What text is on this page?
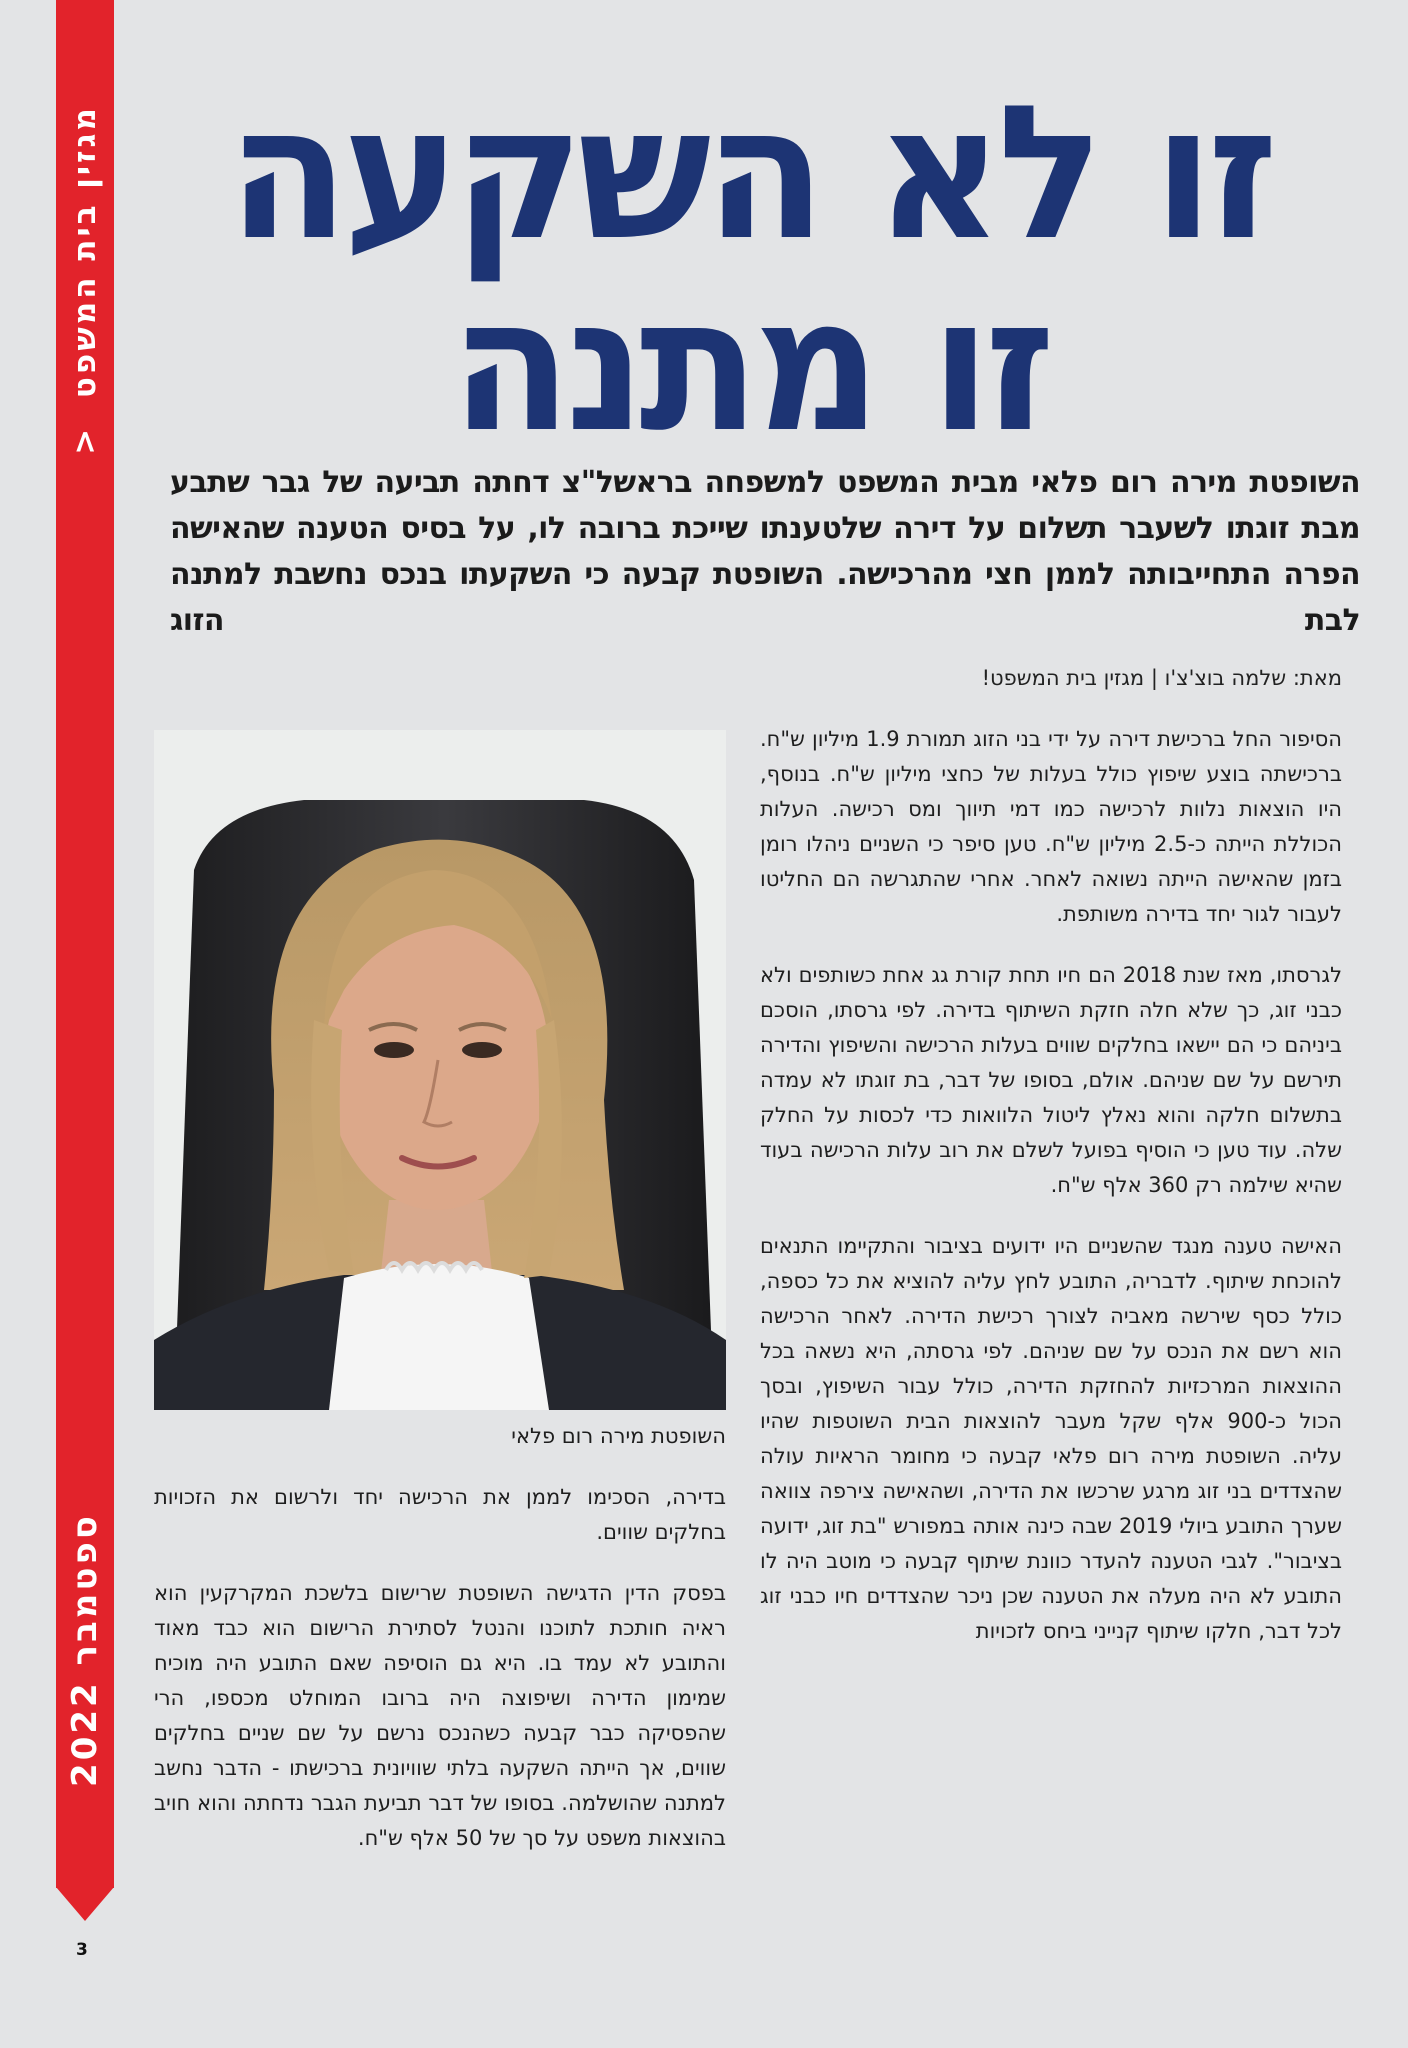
מגזין בית המשפט  <
ספטמבר 2022
3
זו לא השקעה
זו מתנה

השופטת מירה רום פלאי מבית המשפט למשפחה בראשל"צ דחתה תביעה של גבר שתבע מבת זוגתו לשעבר תשלום על דירה שלטענתו שייכת ברובה לו, על בסיס הטענה שהאישה הפרה התחייבותה לממן חצי מהרכישה. השופטת קבעה כי השקעתו בנכס נחשבת למתנה לבת הזוג

מאת: שלמה בוצ'צ'ו | מגזין בית המשפט!

הסיפור החל ברכישת דירה על ידי בני הזוג תמורת 1.9 מיליון ש"ח. ברכישתה בוצע שיפוץ כולל בעלות של כחצי מיליון ש"ח. בנוסף, היו הוצאות נלוות לרכישה כמו דמי תיווך ומס רכישה. העלות הכוללת הייתה כ-2.5 מיליון ש"ח. טען סיפר כי השניים ניהלו רומן בזמן שהאישה הייתה נשואה לאחר. אחרי שהתגרשה הם החליטו לעבור לגור יחד בדירה משותפת.

לגרסתו, מאז שנת 2018 הם חיו תחת קורת גג אחת כשותפים ולא כבני זוג, כך שלא חלה חזקת השיתוף בדירה. לפי גרסתו, הוסכם ביניהם כי הם יישאו בחלקים שווים בעלות הרכישה והשיפוץ והדירה תירשם על שם שניהם. אולם, בסופו של דבר, בת זוגתו לא עמדה בתשלום חלקה והוא נאלץ ליטול הלוואות כדי לכסות על החלק שלה. עוד טען כי הוסיף בפועל לשלם את רוב עלות הרכישה בעוד שהיא שילמה רק 360 אלף ש"ח.

האישה טענה מנגד שהשניים היו ידועים בציבור והתקיימו התנאים להוכחת שיתוף. לדבריה, התובע לחץ עליה להוציא את כל כספה, כולל כסף שירשה מאביה לצורך רכישת הדירה. לאחר הרכישה הוא רשם את הנכס על שם שניהם. לפי גרסתה, היא נשאה בכל ההוצאות המרכזיות להחזקת הדירה, כולל עבור השיפוץ, ובסך הכול כ-900 אלף שקל מעבר להוצאות הבית השוטפות שהיו עליה. השופטת מירה רום פלאי קבעה כי מחומר הראיות עולה שהצדדים בני זוג מרגע שרכשו את הדירה, ושהאישה צירפה צוואה שערך התובע ביולי 2019 שבה כינה אותה במפורש "בת זוג, ידועה בציבור". לגבי הטענה להעדר כוונת שיתוף קבעה כי מוטב היה לו התובע לא היה מעלה את הטענה שכן ניכר שהצדדים חיו כבני זוג לכל דבר, חלקו שיתוף קנייני ביחס לזכויות

השופטת מירה רום פלאי

בדירה, הסכימו לממן את הרכישה יחד ולרשום את הזכויות בחלקים שווים.

בפסק הדין הדגישה השופטת שרישום בלשכת המקרקעין הוא ראיה חותכת לתוכנו והנטל לסתירת הרישום הוא כבד מאוד והתובע לא עמד בו. היא גם הוסיפה שאם התובע היה מוכיח שמימון הדירה ושיפוצה היה ברובו המוחלט מכספו, הרי שהפסיקה כבר קבעה כשהנכס נרשם על שם שניים בחלקים שווים, אך הייתה השקעה בלתי שוויונית ברכישתו - הדבר נחשב למתנה שהושלמה. בסופו של דבר תביעת הגבר נדחתה והוא חויב בהוצאות משפט על סך של 50 אלף ש"ח.
